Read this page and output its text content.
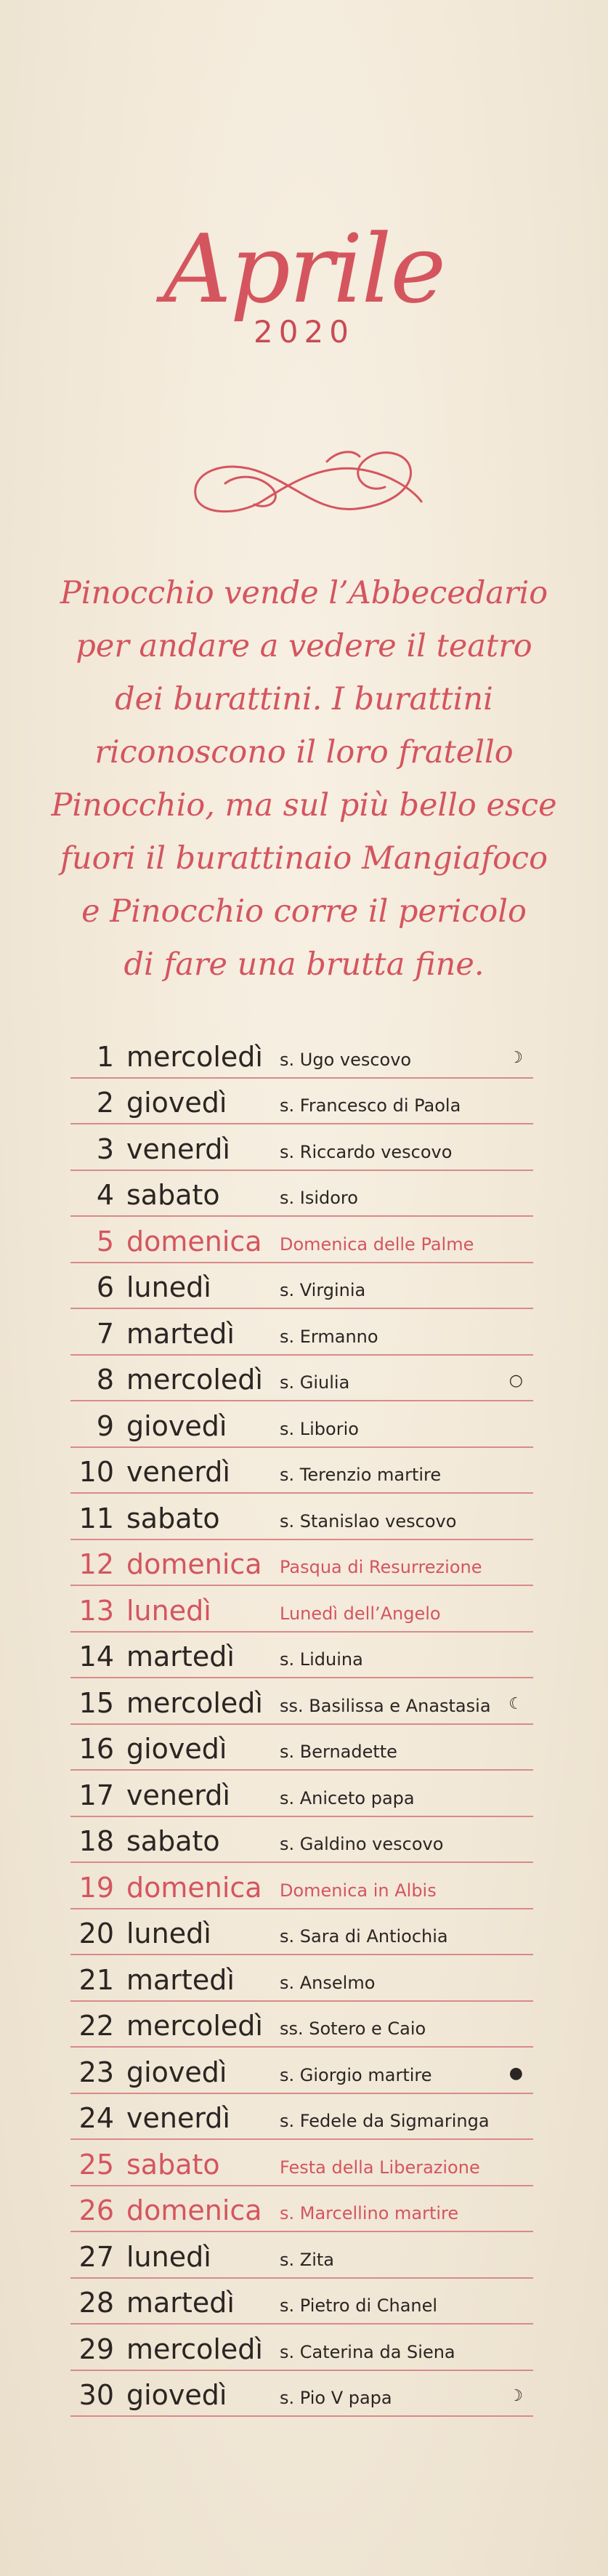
Aprile
2020
Pinocchio vende l’Abbecedario
per andare a vedere il teatro
dei burattini. I burattini
riconoscono il loro fratello
Pinocchio, ma sul più bello esce
fuori il burattinaio Mangiafoco
e Pinocchio corre il pericolo
di fare una brutta fine.
1 mercoledì s. Ugo vescovo	☽
2 giovedì	s. Francesco di Paola
3 venerdì	s. Riccardo vescovo
4 sabato	s. Isidoro
5 domenica Domenica delle Palme
6 lunedì	s. Virginia
7 martedì	s. Ermanno
8 mercoledì s. Giulia	○
9 giovedì	s. Liborio
10 venerdì	s. Terenzio martire
11 sabato	s. Stanislao vescovo
12 domenica Pasqua di Resurrezione
13 lunedì	Lunedì dell’Angelo
14 martedì	s. Liduina
15 mercoledì ss. Basilissa e Anastasia ☾
16 giovedì	s. Bernadette
17 venerdì	s. Aniceto papa
18 sabato	s. Galdino vescovo
19 domenica Domenica in Albis
20 lunedì	s. Sara di Antiochia
21 martedì	s. Anselmo
22 mercoledì ss. Sotero e Caio
23 giovedì	s. Giorgio martire	●
24 venerdì	s. Fedele da Sigmaringa
25 sabato	Festa della Liberazione
26 domenica s. Marcellino martire
27 lunedì	s. Zita
28 martedì	s. Pietro di Chanel
29 mercoledì s. Caterina da Siena
30 giovedì	s. Pio V papa	☽
